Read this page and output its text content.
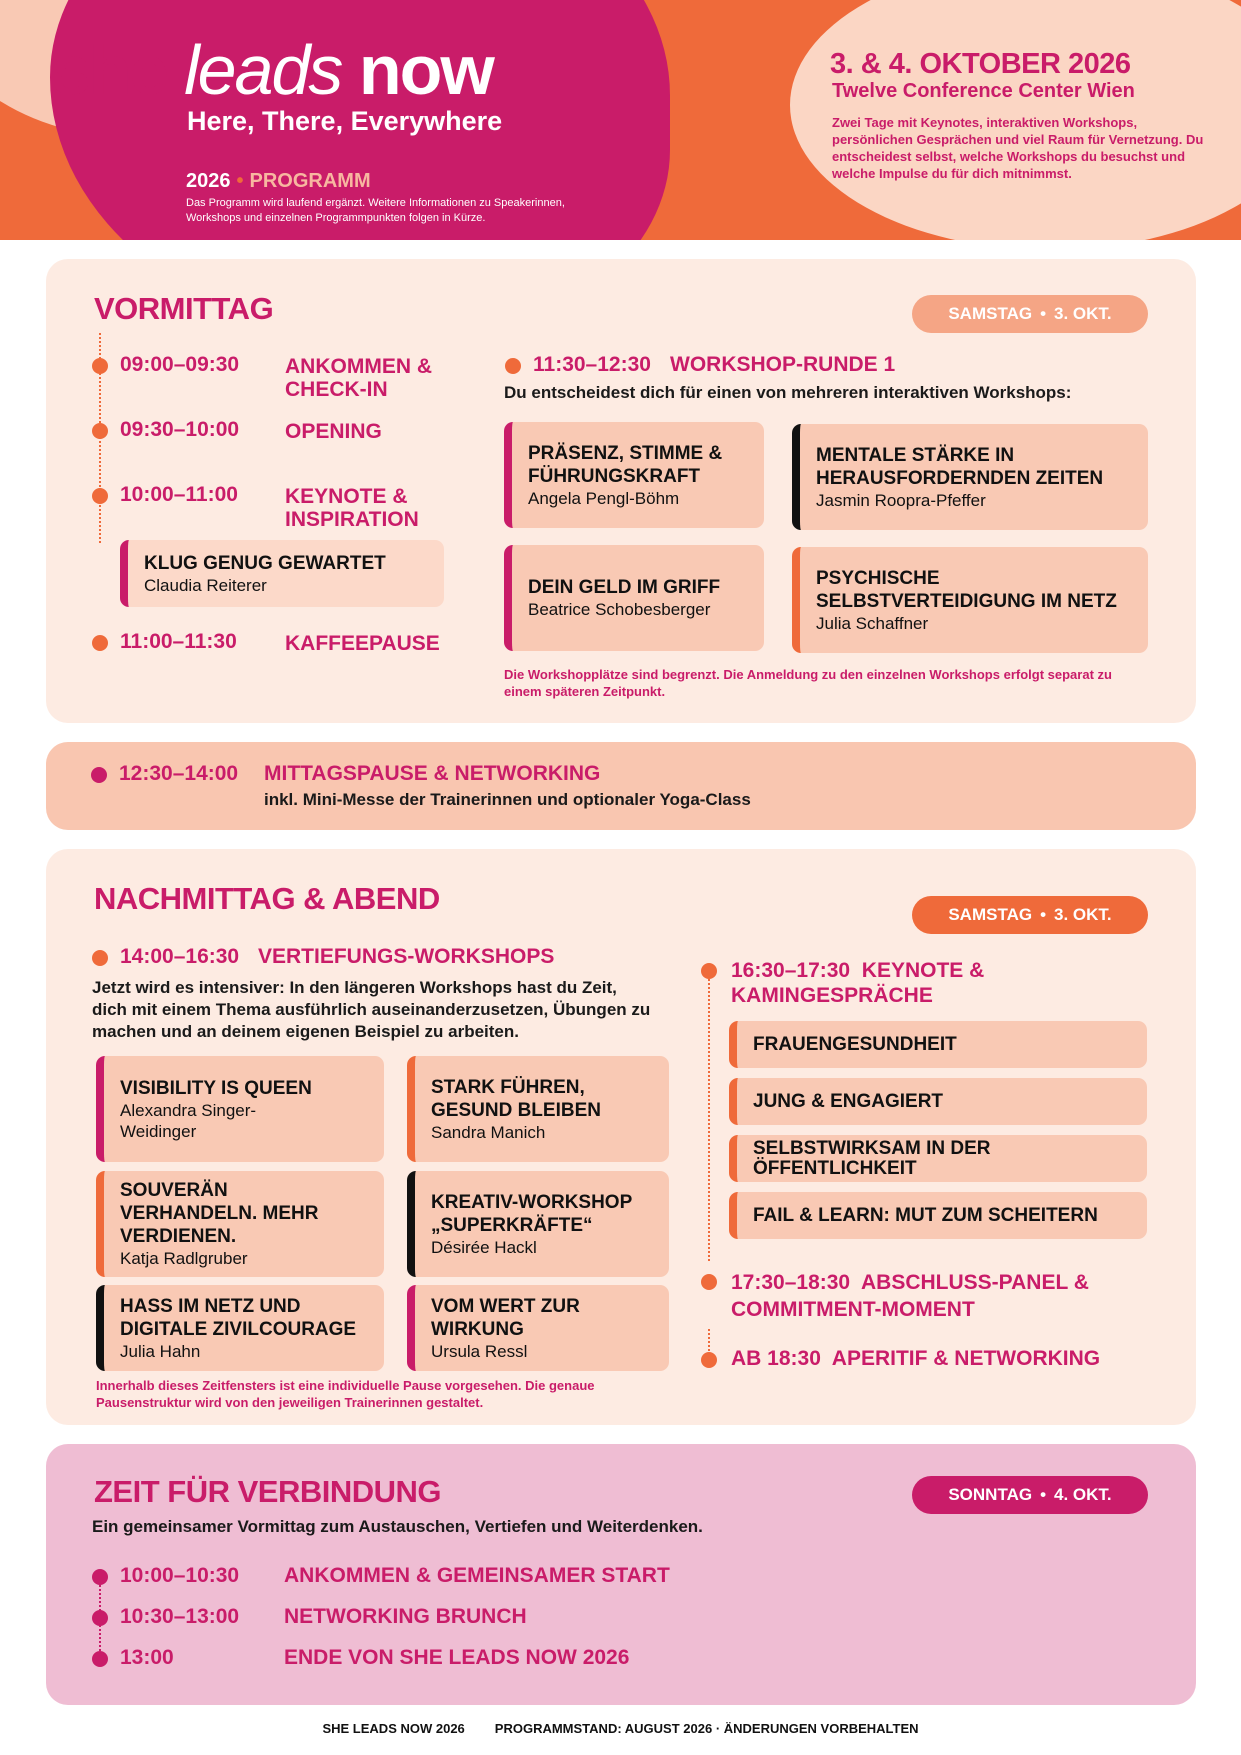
she leads now
Here, There, Everywhere
2026 • PROGRAMM
Das Programm wird laufend ergänzt. Weitere Informationen zu Speakerinnen,
Workshops und einzelnen Programmpunkten folgen in Kürze.
3. & 4. OKTOBER 2026
Twelve Conference Center Wien
Zwei Tage mit Keynotes, interaktiven Workshops, persönlichen Gesprächen und viel Raum für Vernetzung. Du entscheidest selbst, welche Workshops du besuchst und welche Impulse du für dich mitnimmst.
VORMITTAG	SAMSTAG • 3. OKT.
09:00–09:30 ANKOMMEN & CHECK-IN
09:30–10:00 OPENING
10:00–11:00 KEYNOTE & INSPIRATION
KLUG GENUG GEWARTET
Claudia Reiterer
11:00–11:30 KAFFEEPAUSE
11:30–12:30 WORKSHOP-RUNDE 1
Du entscheidest dich für einen von mehreren interaktiven Workshops:
PRÄSENZ, STIMME & FÜHRUNGSKRAFT
Angela Pengl-Böhm
MENTALE STÄRKE IN HERAUSFORDERNDEN ZEITEN
Jasmin Roopra-Pfeffer
DEIN GELD IM GRIFF
Beatrice Schobesberger
PSYCHISCHE SELBSTVERTEIDIGUNG IM NETZ
Julia Schaffner
Die Workshopplätze sind begrenzt. Die Anmeldung zu den einzelnen Workshops erfolgt separat zu einem späteren Zeitpunkt.
12:30–14:00 MITTAGSPAUSE & NETWORKING
inkl. Mini-Messe der Trainerinnen und optionaler Yoga-Class
NACHMITTAG & ABEND	SAMSTAG • 3. OKT.
14:00–16:30 VERTIEFUNGS-WORKSHOPS
Jetzt wird es intensiver: In den längeren Workshops hast du Zeit, dich mit einem Thema ausführlich auseinanderzusetzen, Übungen zu machen und an deinem eigenen Beispiel zu arbeiten.
VISIBILITY IS QUEEN
Alexandra Singer-Weidinger
STARK FÜHREN, GESUND BLEIBEN
Sandra Manich
SOUVERÄN VERHANDELN. MEHR VERDIENEN.
Katja Radlgruber
KREATIV-WORKSHOP „SUPERKRÄFTE“
Désirée Hackl
HASS IM NETZ UND DIGITALE ZIVILCOURAGE
Julia Hahn
VOM WERT ZUR WIRKUNG
Ursula Ressl
Innerhalb dieses Zeitfensters ist eine individuelle Pause vorgesehen. Die genaue Pausenstruktur wird von den jeweiligen Trainerinnen gestaltet.
16:30–17:30 KEYNOTE & KAMINGESPRÄCHE
FRAUENGESUNDHEIT
JUNG & ENGAGIERT
SELBSTWIRKSAM IN DER ÖFFENTLICHKEIT
FAIL & LEARN: MUT ZUM SCHEITERN
17:30–18:30 ABSCHLUSS-PANEL & COMMITMENT-MOMENT
AB 18:30 APERITIF & NETWORKING
ZEIT FÜR VERBINDUNG	SONNTAG • 4. OKT.
Ein gemeinsamer Vormittag zum Austauschen, Vertiefen und Weiterdenken.
10:00–10:30 ANKOMMEN & GEMEINSAMER START
10:30–13:00 NETWORKING BRUNCH
13:00	ENDE VON SHE LEADS NOW 2026
SHE LEADS NOW 2026 PROGRAMMSTAND: AUGUST 2026 · ÄNDERUNGEN VORBEHALTEN
